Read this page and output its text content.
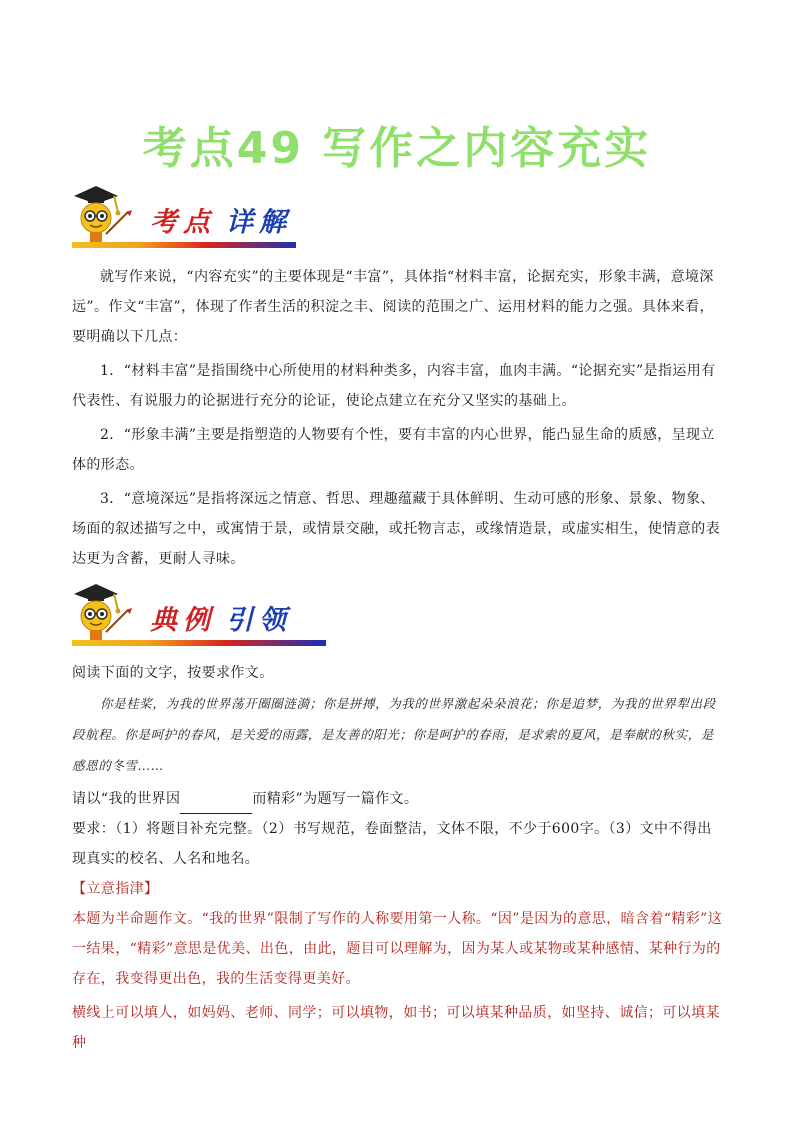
考点49 写作之内容充实
考点 详解

就写作来说，“内容充实”的主要体现是“丰富”，具体指“材料丰富，论据充实，形象丰满，意境深远”。作文“丰富”，体现了作者生活的积淀之丰、阅读的范围之广、运用材料的能力之强。具体来看，要明确以下几点：

1．“材料丰富”是指围绕中心所使用的材料种类多，内容丰富，血肉丰满。“论据充实”是指运用有代表性、有说服力的论据进行充分的论证，使论点建立在充分又坚实的基础上。

2．“形象丰满”主要是指塑造的人物要有个性，要有丰富的内心世界，能凸显生命的质感，呈现立体的形态。

3．“意境深远”是指将深远之情意、哲思、理趣蕴藏于具体鲜明、生动可感的形象、景象、物象、场面的叙述描写之中，或寓情于景，或情景交融，或托物言志，或缘情造景，或虚实相生，使情意的表达更为含蓄，更耐人寻味。

典例 引领

阅读下面的文字，按要求作文。

你是桂桨，为我的世界荡开圈圈涟漪；你是拼搏，为我的世界激起朵朵浪花；你是追梦，为我的世界犁出段段航程。你是呵护的春风，是关爱的雨露，是友善的阳光；你是呵护的春雨，是求索的夏风，是奉献的秋实，是感恩的冬雪……

请以“我的世界因	而精彩”为题写一篇作文。

要求：（1）将题目补充完整。（2）书写规范，卷面整洁，文体不限，不少于600字。（3）文中不得出现真实的校名、人名和地名。

【立意指津】

本题为半命题作文。“我的世界”限制了写作的人称要用第一人称。“因”是因为的意思，暗含着“精彩”这一结果，“精彩”意思是优美、出色，由此，题目可以理解为，因为某人或某物或某种感情、某种行为的存在，我变得更出色，我的生活变得更美好。

横线上可以填人，如妈妈、老师、同学；可以填物，如书；可以填某种品质，如坚持、诚信；可以填某种
